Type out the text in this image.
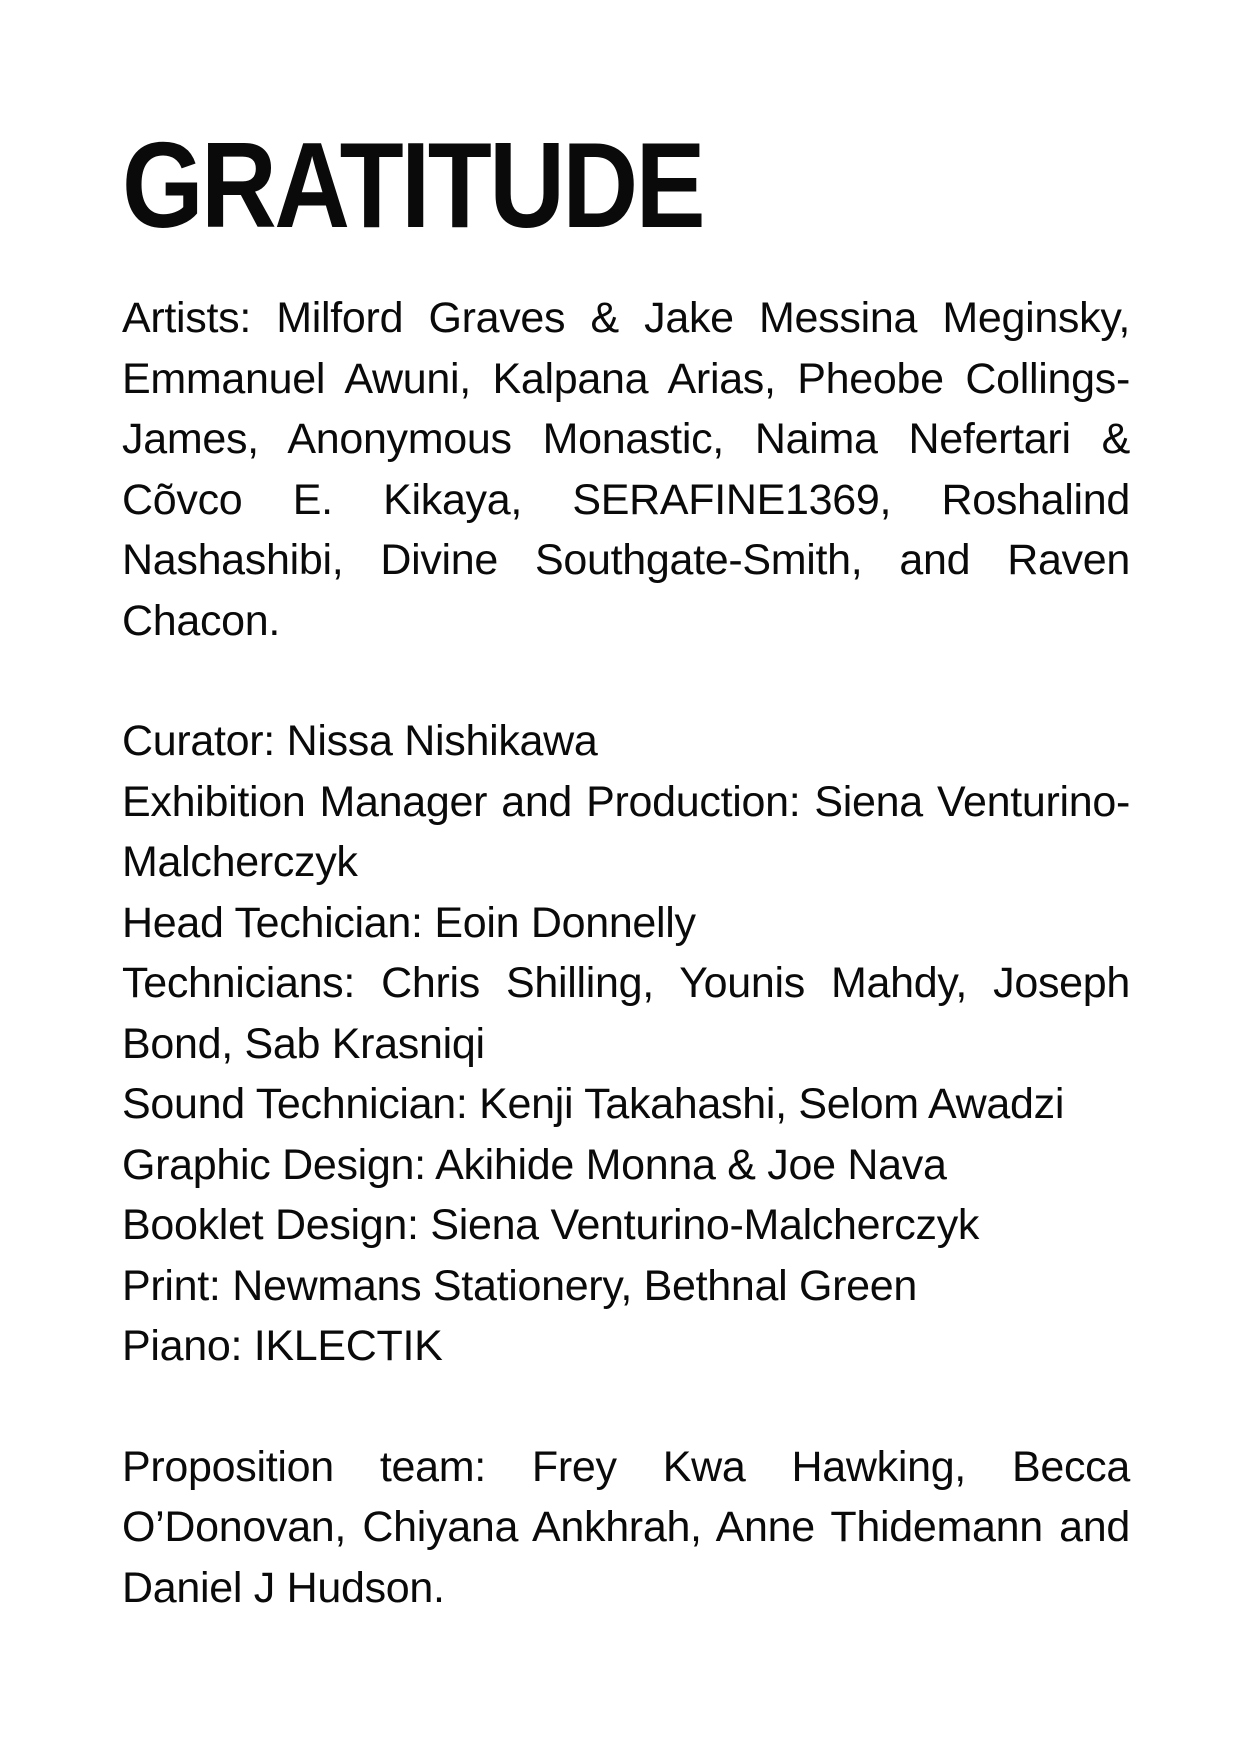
GRATITUDE

Artists: Milford Graves & Jake Messina Meginsky, Emmanuel Awuni, Kalpana Arias, Pheobe Collings-James, Anonymous Monastic, Naima Nefertari & Cõvco E. Kikaya, SERAFINE1369, Roshalind Nashashibi, Divine Southgate-Smith, and Raven Chacon.

Curator: Nissa Nishikawa
Exhibition Manager and Production: Siena Venturino-Malcherczyk
Head Techician: Eoin Donnelly
Technicians: Chris Shilling, Younis Mahdy, Joseph Bond, Sab Krasniqi
Sound Technician: Kenji Takahashi, Selom Awadzi
Graphic Design: Akihide Monna & Joe Nava
Booklet Design: Siena Venturino-Malcherczyk
Print: Newmans Stationery, Bethnal Green
Piano: IKLECTIK

Proposition team: Frey Kwa Hawking, Becca O’Donovan, Chiyana Ankhrah, Anne Thidemann and Daniel J Hudson.
